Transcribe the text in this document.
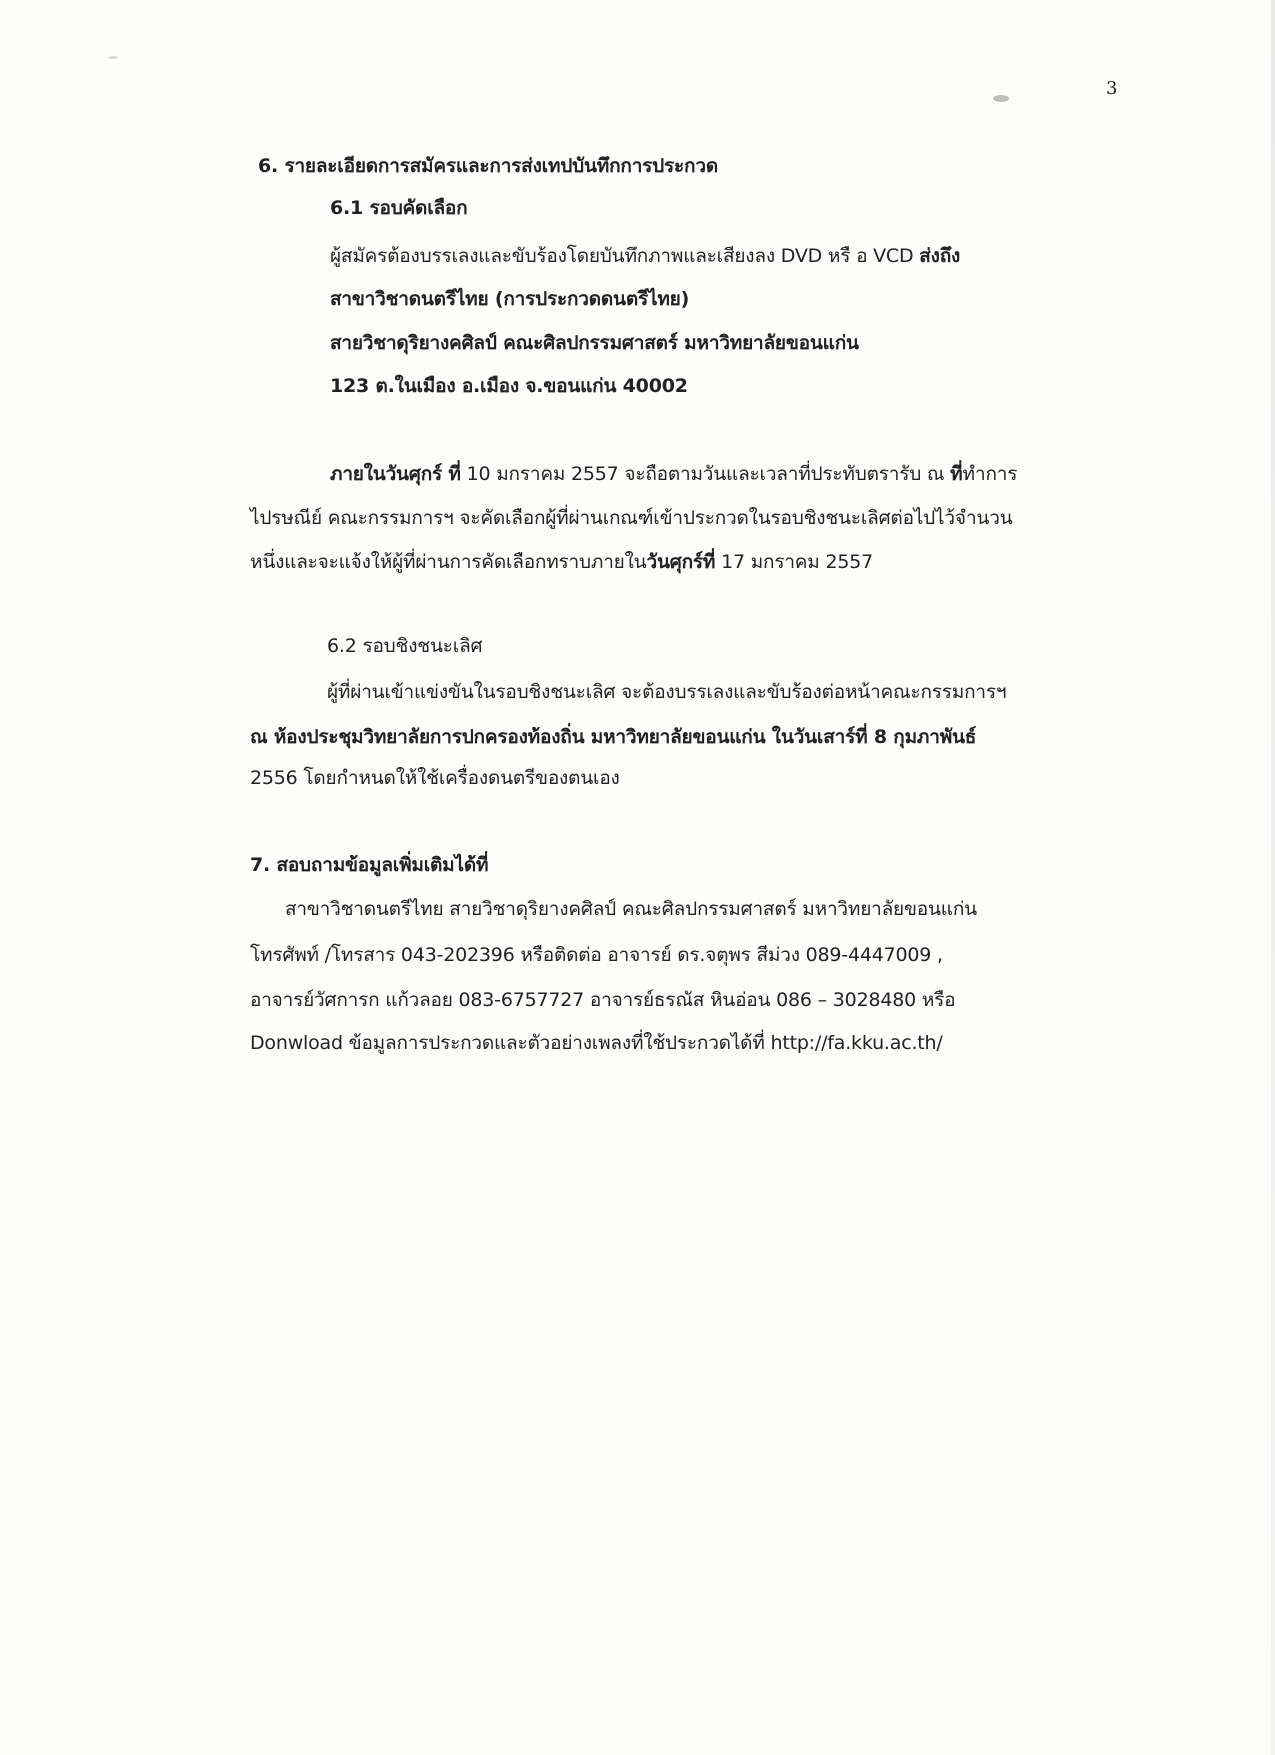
3
6. รายละเอียดการสมัครและการส่งเทปบันทึกการประกวด
6.1 รอบคัดเลือก
ผู้สมัครต้องบรรเลงและขับร้องโดยบันทึกภาพและเสียงลง DVD หรื อ VCD ส่งถึง
สาขาวิชาดนตรีไทย (การประกวดดนตรีไทย)
สายวิชาดุริยางคศิลป์ คณะศิลปกรรมศาสตร์ มหาวิทยาลัยขอนแก่น
123 ต.ในเมือง อ.เมือง จ.ขอนแก่น 40002
ภายในวันศุกร์ ที่ 10 มกราคม 2557 จะถือตามวันและเวลาที่ประทับตรารับ ณ ที่ทำการ
ไปรษณีย์ คณะกรรมการฯ จะคัดเลือกผู้ที่ผ่านเกณฑ์เข้าประกวดในรอบชิงชนะเลิศต่อไปไว้จำนวน
หนึ่งและจะแจ้งให้ผู้ที่ผ่านการคัดเลือกทราบภายในวันศุกร์ที่ 17 มกราคม 2557
6.2 รอบชิงชนะเลิศ
ผู้ที่ผ่านเข้าแข่งขันในรอบชิงชนะเลิศ จะต้องบรรเลงและขับร้องต่อหน้าคณะกรรมการฯ
ณ ห้องประชุมวิทยาลัยการปกครองท้องถิ่น มหาวิทยาลัยขอนแก่น ในวันเสาร์ที่ 8 กุมภาพันธ์
2556 โดยกำหนดให้ใช้เครื่องดนตรีของตนเอง
7. สอบถามข้อมูลเพิ่มเติมได้ที่
สาขาวิชาดนตรีไทย สายวิชาดุริยางคศิลป์ คณะศิลปกรรมศาสตร์ มหาวิทยาลัยขอนแก่น
โทรศัพท์ /โทรสาร 043-202396 หรือติดต่อ อาจารย์ ดร.จตุพร สีม่วง 089-4447009 ,
อาจารย์วัศการก แก้วลอย 083-6757727 อาจารย์ธรณัส หินอ่อน 086 – 3028480 หรือ
Donwload ข้อมูลการประกวดและตัวอย่างเพลงที่ใช้ประกวดได้ที่ http://fa.kku.ac.th/
